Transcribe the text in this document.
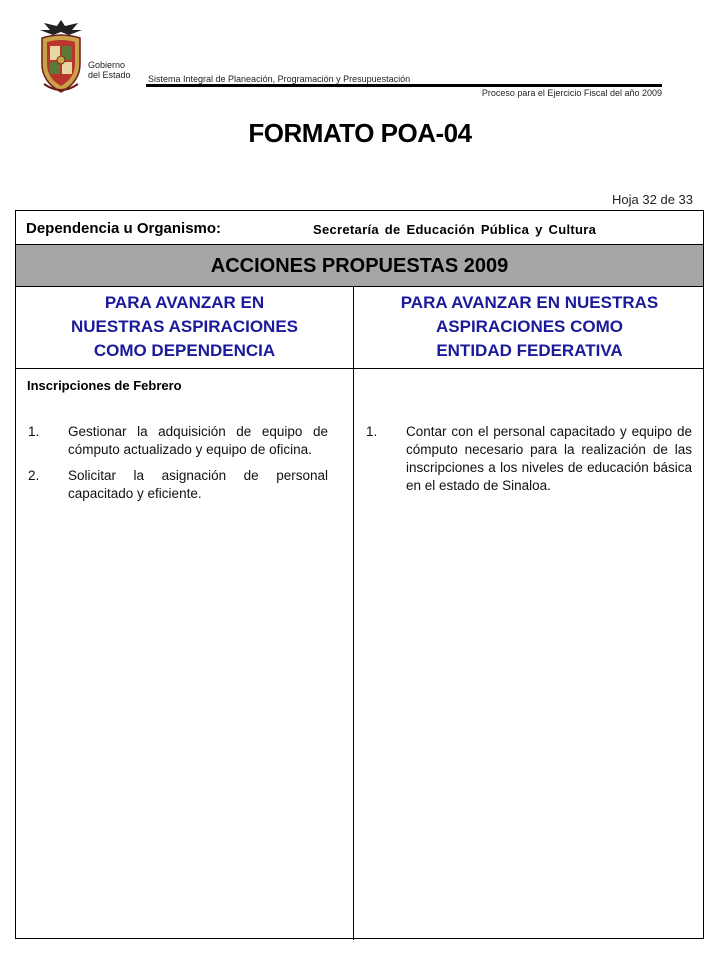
Gobierno
del Estado Sistema Integral de Planeación, Programación y Presupuestación
Proceso para el Ejercicio Fiscal del año 2009
FORMATO POA-04
Hoja 32 de 33
Dependencia u Organismo:	Secretaría de Educación Pública y Cultura
ACCIONES PROPUESTAS 2009
PARA AVANZAR EN
NUESTRAS ASPIRACIONES
COMO DEPENDENCIA
PARA AVANZAR EN NUESTRAS
ASPIRACIONES COMO
ENTIDAD FEDERATIVA
Inscripciones de Febrero
1. Gestionar la adquisición de equipo de cómputo actualizado y equipo de oficina.
2. Solicitar la asignación de personal capacitado y eficiente.
1. Contar con el personal capacitado y equipo de cómputo necesario para la realización de las inscripciones a los niveles de educación básica en el estado de Sinaloa.
